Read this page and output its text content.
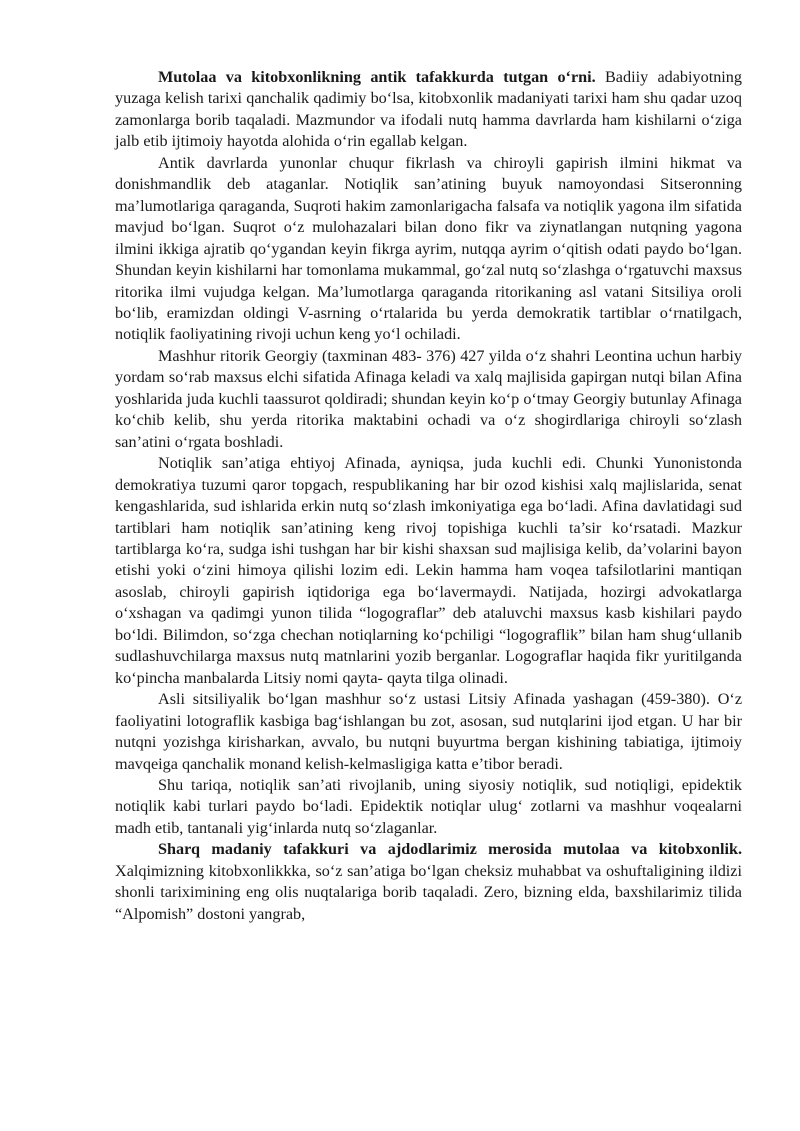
Mutolaa va kitobxonlikning antik tafakkurda tutgan o‘rni. Badiiy adabiyotning yuzaga kelish tarixi qanchalik qadimiy bo‘lsa, kitobxonlik madaniyati tarixi ham shu qadar uzoq zamonlarga borib taqaladi. Mazmundor va ifodali nutq hamma davrlarda ham kishilarni o‘ziga jalb etib ijtimoiy hayotda alohida o‘rin egallab kelgan.

Antik davrlarda yunonlar chuqur fikrlash va chiroyli gapirish ilmini hikmat va donishmandlik deb ataganlar. Notiqlik san’atining buyuk namoyondasi Sitseronning ma’lumotlariga qaraganda, Suqroti hakim zamonlarigacha falsafa va notiqlik yagona ilm sifatida mavjud bo‘lgan. Suqrot o‘z mulohazalari bilan dono fikr va ziynatlangan nutqning yagona ilmini ikkiga ajratib qo‘ygandan keyin fikrga ayrim, nutqqa ayrim o‘qitish odati paydo bo‘lgan. Shundan keyin kishilarni har tomonlama mukammal, go‘zal nutq so‘zlashga o‘rgatuvchi maxsus ritorika ilmi vujudga kelgan. Ma’lumotlarga qaraganda ritorikaning asl vatani Sitsiliya oroli bo‘lib, eramizdan oldingi V-asrning o‘rtalarida bu yerda demokratik tartiblar o‘rnatilgach, notiqlik faoliyatining rivoji uchun keng yo‘l ochiladi.

Mashhur ritorik Georgiy (taxminan 483- 376) 427 yilda o‘z shahri Leontina uchun harbiy yordam so‘rab maxsus elchi sifatida Afinaga keladi va xalq majlisida gapirgan nutqi bilan Afina yoshlarida juda kuchli taassurot qoldiradi; shundan keyin ko‘p o‘tmay Georgiy butunlay Afinaga ko‘chib kelib, shu yerda ritorika maktabini ochadi va o‘z shogirdlariga chiroyli so‘zlash san’atini o‘rgata boshladi.

Notiqlik san’atiga ehtiyoj Afinada, ayniqsa, juda kuchli edi. Chunki Yunonistonda demokratiya tuzumi qaror topgach, respublikaning har bir ozod kishisi xalq majlislarida, senat kengashlarida, sud ishlarida erkin nutq so‘zlash imkoniyatiga ega bo‘ladi. Afina davlatidagi sud tartiblari ham notiqlik san’atining keng rivoj topishiga kuchli ta’sir ko‘rsatadi. Mazkur tartiblarga ko‘ra, sudga ishi tushgan har bir kishi shaxsan sud majlisiga kelib, da’volarini bayon etishi yoki o‘zini himoya qilishi lozim edi. Lekin hamma ham voqea tafsilotlarini mantiqan asoslab, chiroyli gapirish iqtidoriga ega bo‘lavermaydi. Natijada, hozirgi advokatlarga o‘xshagan va qadimgi yunon tilida “logograflar” deb ataluvchi maxsus kasb kishilari paydo bo‘ldi. Bilimdon, so‘zga chechan notiqlarning ko‘pchiligi “logograflik” bilan ham shug‘ullanib sudlashuvchilarga maxsus nutq matnlarini yozib berganlar. Logograflar haqida fikr yuritilganda ko‘pincha manbalarda Litsiy nomi qayta- qayta tilga olinadi.

Asli sitsiliyalik bo‘lgan mashhur so‘z ustasi Litsiy Afinada yashagan (459-380). O‘z faoliyatini lotograflik kasbiga bag‘ishlangan bu zot, asosan, sud nutqlarini ijod etgan. U har bir nutqni yozishga kirisharkan, avvalo, bu nutqni buyurtma bergan kishining tabiatiga, ijtimoiy mavqeiga qanchalik monand kelish-kelmasligiga katta e’tibor beradi.

Shu tariqa, notiqlik san’ati rivojlanib, uning siyosiy notiqlik, sud notiqligi, epidektik notiqlik kabi turlari paydo bo‘ladi. Epidektik notiqlar ulug‘ zotlarni va mashhur voqealarni madh etib, tantanali yig‘inlarda nutq so‘zlaganlar.

Sharq madaniy tafakkuri va ajdodlarimiz merosida mutolaa va kitobxonlik. Xalqimizning kitobxonlikkka, so‘z san’atiga bo‘lgan cheksiz muhabbat va oshuftaligining ildizi shonli tariximining eng olis nuqtalariga borib taqaladi. Zero, bizning elda, baxshilarimiz tilida “Alpomish” dostoni yangrab,
